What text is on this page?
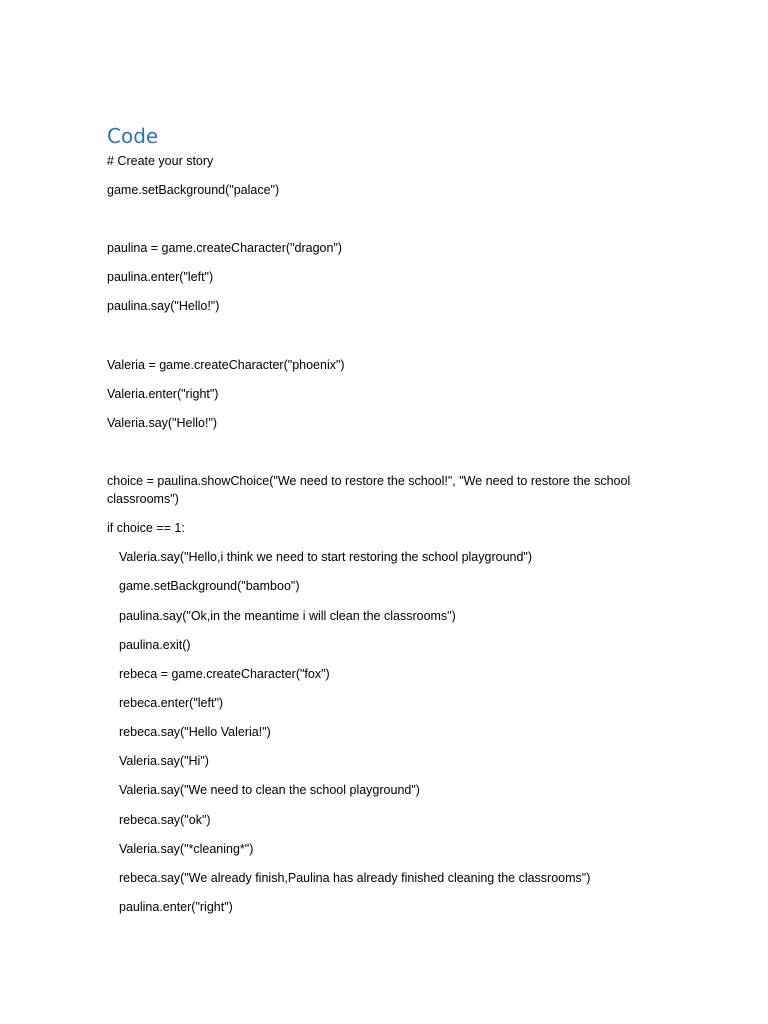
Code
# Create your story
game.setBackground("palace")
paulina = game.createCharacter("dragon")
paulina.enter("left")
paulina.say("Hello!")
Valeria = game.createCharacter("phoenix")
Valeria.enter("right")
Valeria.say("Hello!")
choice = paulina.showChoice("We need to restore the school!", "We need to restore the school classrooms")
if choice == 1:
Valeria.say("Hello,i think we need to start restoring the school playground")
game.setBackground("bamboo")
paulina.say("Ok,in the meantime i will clean the classrooms")
paulina.exit()
rebeca = game.createCharacter("fox")
rebeca.enter("left")
rebeca.say("Hello Valeria!")
Valeria.say("Hi")
Valeria.say("We need to clean the school playground")
rebeca.say("ok")
Valeria.say("*cleaning*")
rebeca.say("We already finish,Paulina has already finished cleaning the classrooms")
paulina.enter("right")
